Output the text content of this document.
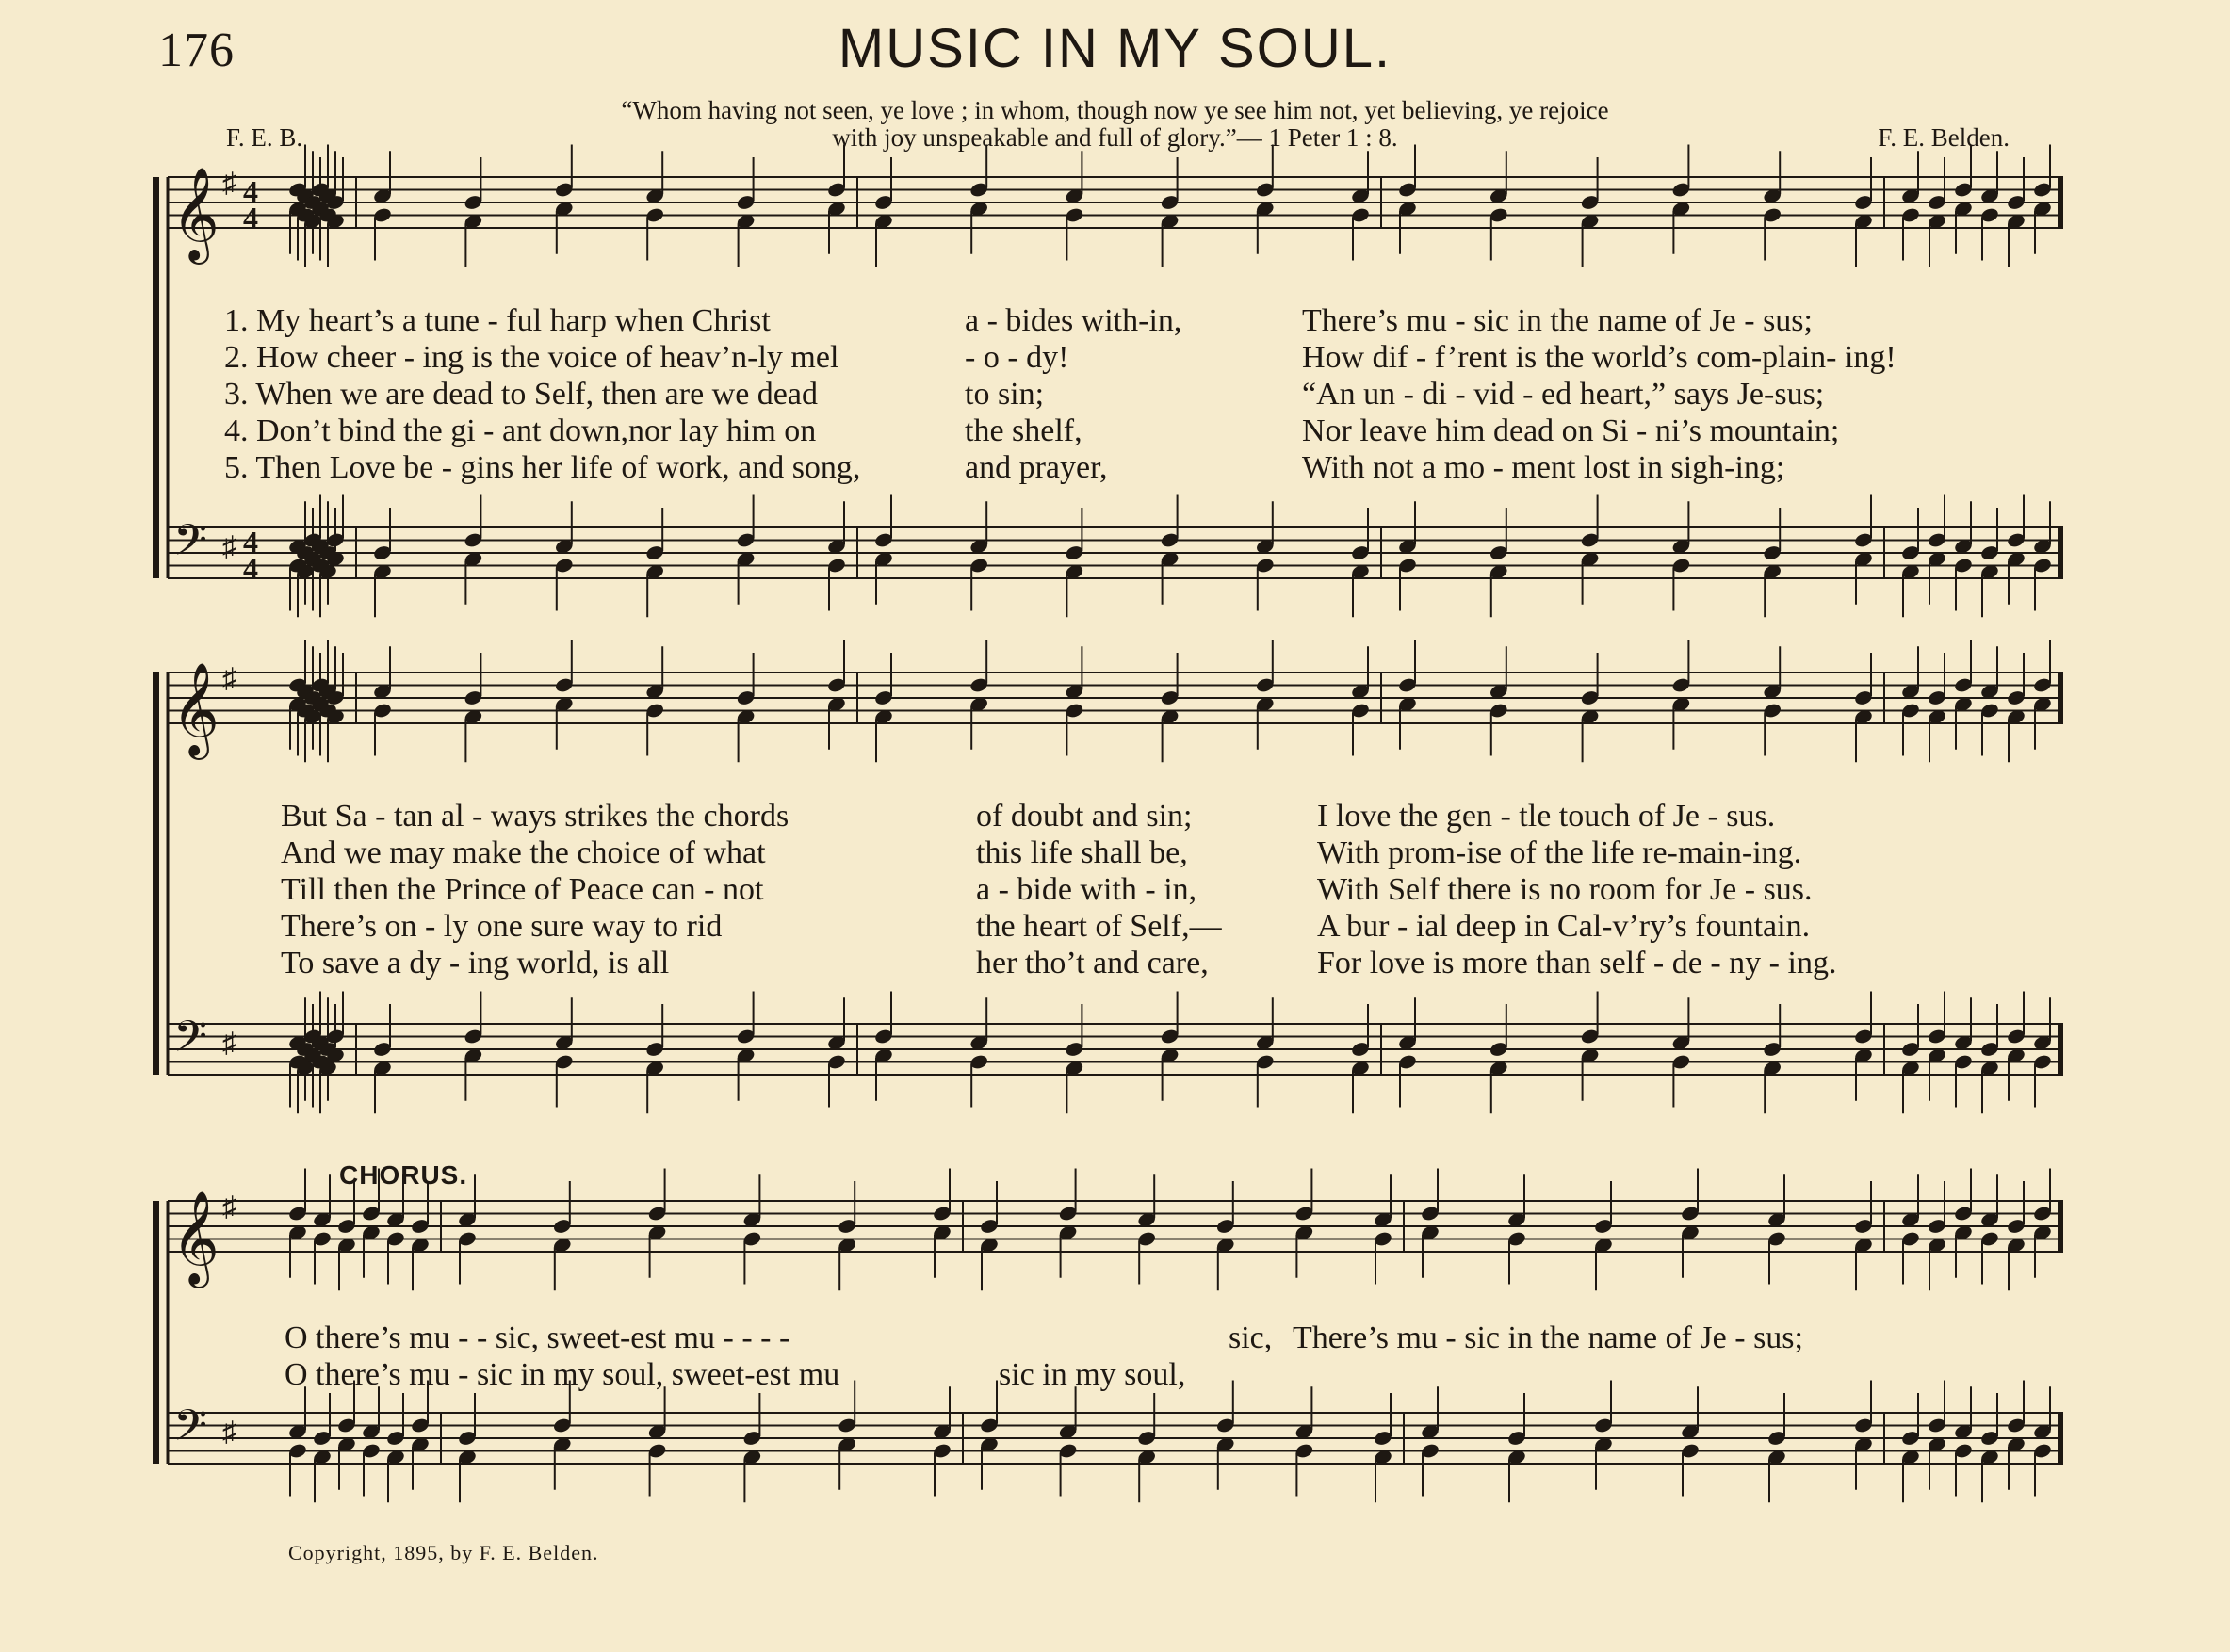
176	MUSIC IN MY SOUL.
“Whom having not seen, ye love ; in whom, though now ye see him not, yet believing, ye rejoice
with joy unspeakable and full of glory.”— 1 Peter 1 : 8.
F. E. B.	F. E. Belden.
𝄞
𝄢
♯
♯
4
4
4
4
𝄞
𝄢
♯
♯
𝄞
𝄢
♯
♯

1. My heart’s a tune - ful harp when Christ

	a - bides with-in,

	There’s mu - sic in the name of Je - sus;

2. How cheer - ing is the voice of heav’n-ly mel

	- o - dy!

	How dif - f’rent is the world’s com-plain- ing!

3. When we are dead to Self, then are we dead

	to sin;

	“An un - di - vid - ed heart,” says Je-sus;

4. Don’t bind the gi - ant down,nor lay him on

	the shelf,

	Nor leave him dead on Si - ni’s mountain;

5. Then Love be - gins her life of work, and song,

	and prayer,

	With not a mo - ment lost in sigh-ing;

But Sa - tan al - ways strikes the chords

	of doubt and sin;

	I love the gen - tle touch of Je - sus.

And we may make the choice of what

	this life shall be,

	With prom-ise of the life re-main-ing.

Till then the Prince of Peace can - not

	a - bide with - in,

	With Self there is no room for Je - sus.

There’s on - ly one sure way to rid

	the heart of Self,—

	A bur - ial deep in Cal-v’ry’s fountain.

To save a dy - ing world, is all

	her tho’t and care,

	For love is more than self - de - ny - ing.

CHORUS.

O there’s mu - - sic, sweet-est mu - - - -

	sic,

There’s mu - sic in the name of Je - sus;

O there’s mu - sic in my soul, sweet-est mu

	sic in my soul,

Copyright, 1895, by F. E. Belden.
